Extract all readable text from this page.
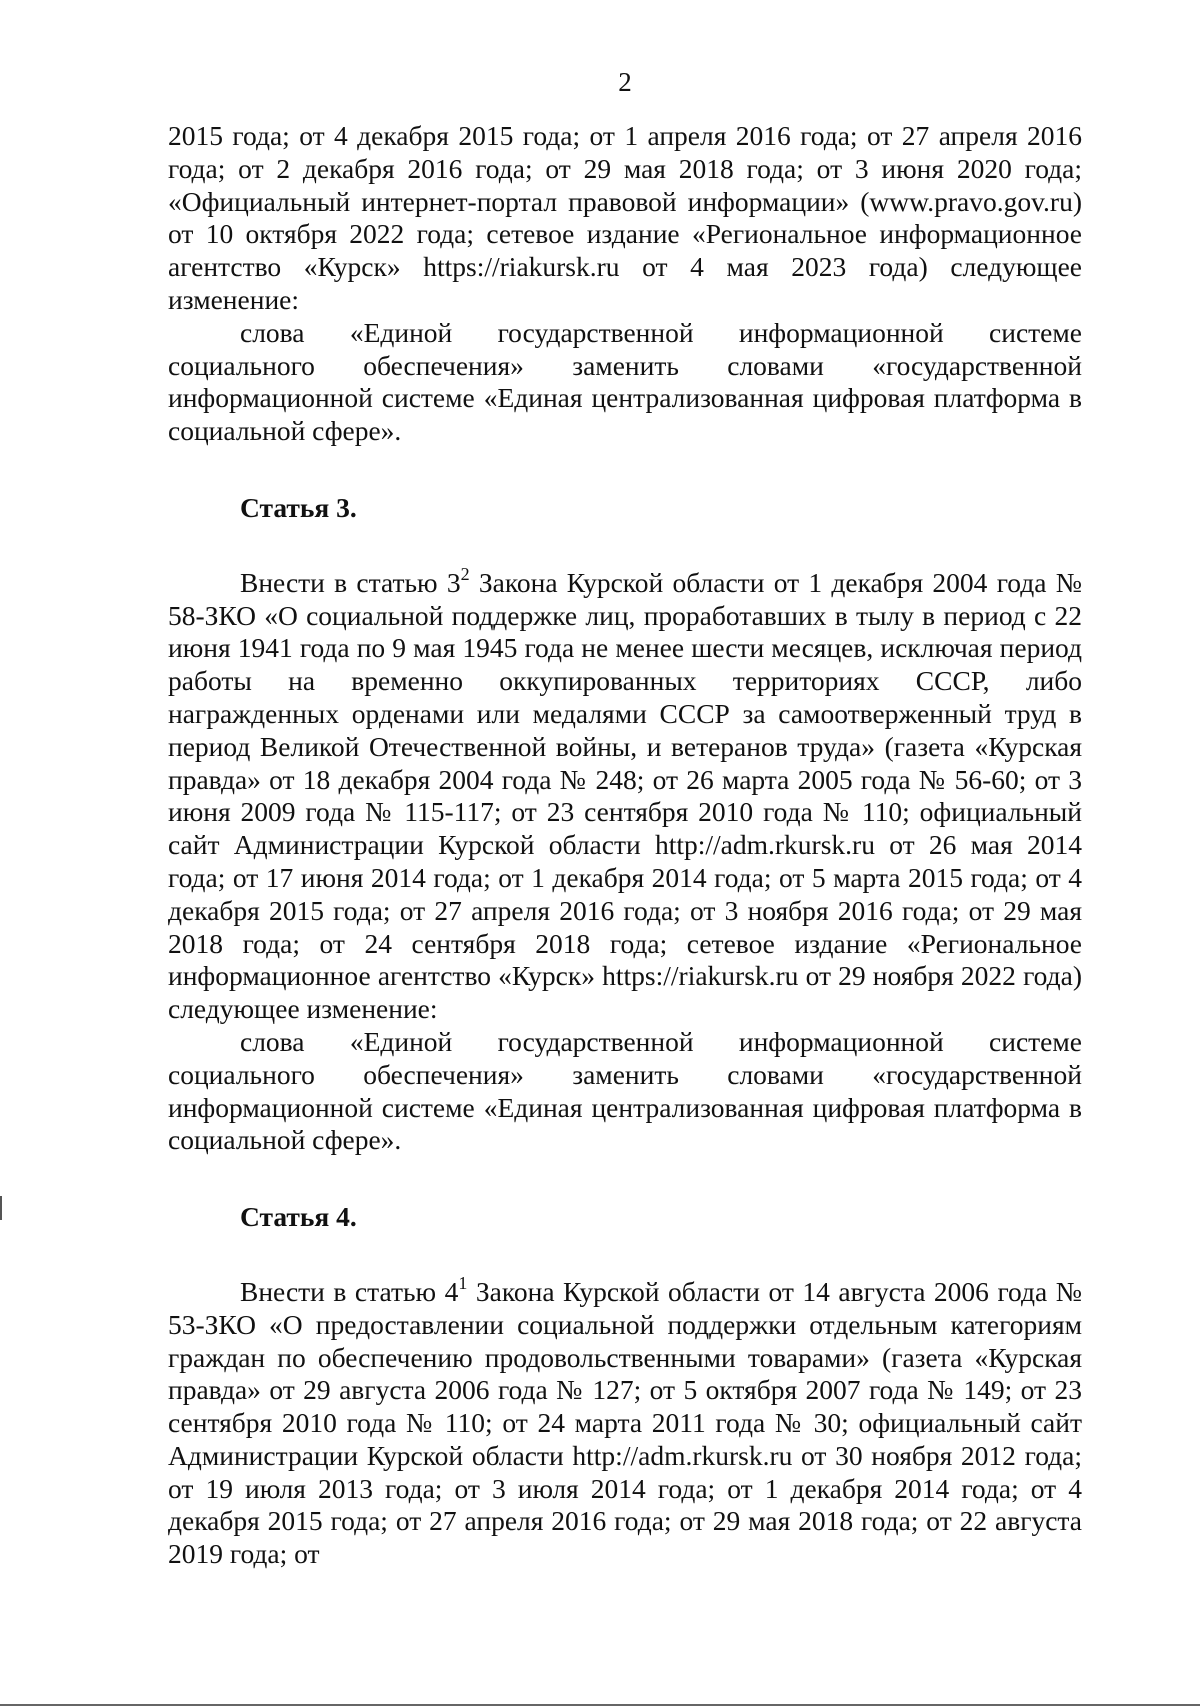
2

2015 года; от 4 декабря 2015 года; от 1 апреля 2016 года; от 27 апреля 2016 года; от 2 декабря 2016 года; от 29 мая 2018 года; от 3 июня 2020 года; «Официальный интернет-портал правовой информации» (www.pravo.gov.ru) от 10 октября 2022 года; сетевое издание «Региональное информационное агентство «Курск» https://riakursk.ru от 4 мая 2023 года) следующее изменение:

слова «Единой государственной информационной системе социального обеспечения» заменить словами «государственной информационной системе «Единая централизованная цифровая платформа в социальной сфере».

Статья 3.

Внести в статью $3^2$ Закона Курской области от 1 декабря 2004 года № 58-ЗКО «О социальной поддержке лиц, проработавших в тылу в период с 22 июня 1941 года по 9 мая 1945 года не менее шести месяцев, исключая период работы на временно оккупированных территориях СССР, либо награжденных орденами или медалями СССР за самоотверженный труд в период Великой Отечественной войны, и ветеранов труда» (газета «Курская правда» от 18 декабря 2004 года № 248; от 26 марта 2005 года № 56-60; от 3 июня 2009 года № 115-117; от 23 сентября 2010 года № 110; официальный сайт Администрации Курской области http://adm.rkursk.ru от 26 мая 2014 года; от 17 июня 2014 года; от 1 декабря 2014 года; от 5 марта 2015 года; от 4 декабря 2015 года; от 27 апреля 2016 года; от 3 ноября 2016 года; от 29 мая 2018 года; от 24 сентября 2018 года; сетевое издание «Региональное информационное агентство «Курск» https://riakursk.ru от 29 ноября 2022 года) следующее изменение:

слова «Единой государственной информационной системе социального обеспечения» заменить словами «государственной информационной системе «Единая централизованная цифровая платформа в социальной сфере».

Статья 4.

Внести в статью $4^1$ Закона Курской области от 14 августа 2006 года № 53-ЗКО «О предоставлении социальной поддержки отдельным категориям граждан по обеспечению продовольственными товарами» (газета «Курская правда» от 29 августа 2006 года № 127; от 5 октября 2007 года № 149; от 23 сентября 2010 года № 110; от 24 марта 2011 года № 30; официальный сайт Администрации Курской области http://adm.rkursk.ru от 30 ноября 2012 года; от 19 июля 2013 года; от 3 июля 2014 года; от 1 декабря 2014 года; от 4 декабря 2015 года; от 27 апреля 2016 года; от 29 мая 2018 года; от 22 августа 2019 года; от
